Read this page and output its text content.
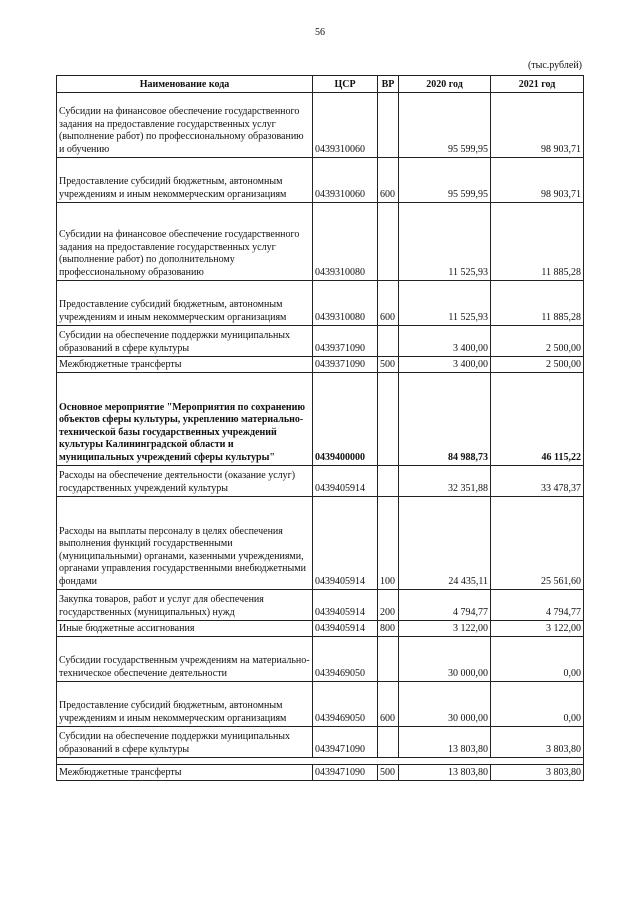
56
(тыс.рублей)
Наименование кода	ЦСР	ВР	2020 год	2021 год
Субсидии на финансовое обеспечение государственного задания на предоставление государственных услуг (выполнение работ) по профессиональному образованию и обучению	0439310060		95 599,95	98 903,71
Предоставление субсидий бюджетным, автономным учреждениям и иным некоммерческим организациям	0439310060	600	95 599,95	98 903,71
Субсидии на финансовое обеспечение государственного задания на предоставление государственных услуг (выполнение работ) по дополнительному профессиональному образованию	0439310080		11 525,93	11 885,28
Предоставление субсидий бюджетным, автономным учреждениям и иным некоммерческим организациям	0439310080	600	11 525,93	11 885,28
Субсидии на обеспечение поддержки муниципальных образований в сфере культуры	0439371090		3 400,00	2 500,00
Межбюджетные трансферты	0439371090	500	3 400,00	2 500,00
Основное мероприятие "Мероприятия по сохранению объектов сферы культуры, укреплению материально-технической базы государственных учреждений культуры Калининградской области и муниципальных учреждений сферы культуры"	0439400000		84 988,73	46 115,22
Расходы на обеспечение деятельности (оказание услуг) государственных учреждений культуры	0439405914		32 351,88	33 478,37
Расходы на выплаты персоналу в целях обеспечения выполнения функций государственными (муниципальными) органами, казенными учреждениями, органами управления государственными внебюджетными фондами	0439405914	100	24 435,11	25 561,60
Закупка товаров, работ и услуг для обеспечения государственных (муниципальных) нужд	0439405914	200	4 794,77	4 794,77
Иные бюджетные ассигнования	0439405914	800	3 122,00	3 122,00
Субсидии государственным учреждениям на материально-техническое обеспечение деятельности	0439469050		30 000,00	0,00
Предоставление субсидий бюджетным, автономным учреждениям и иным некоммерческим организациям	0439469050	600	30 000,00	0,00
Субсидии на обеспечение поддержки муниципальных образований в сфере культуры	0439471090		13 803,80	3 803,80

Межбюджетные трансферты	0439471090	500	13 803,80	3 803,80
